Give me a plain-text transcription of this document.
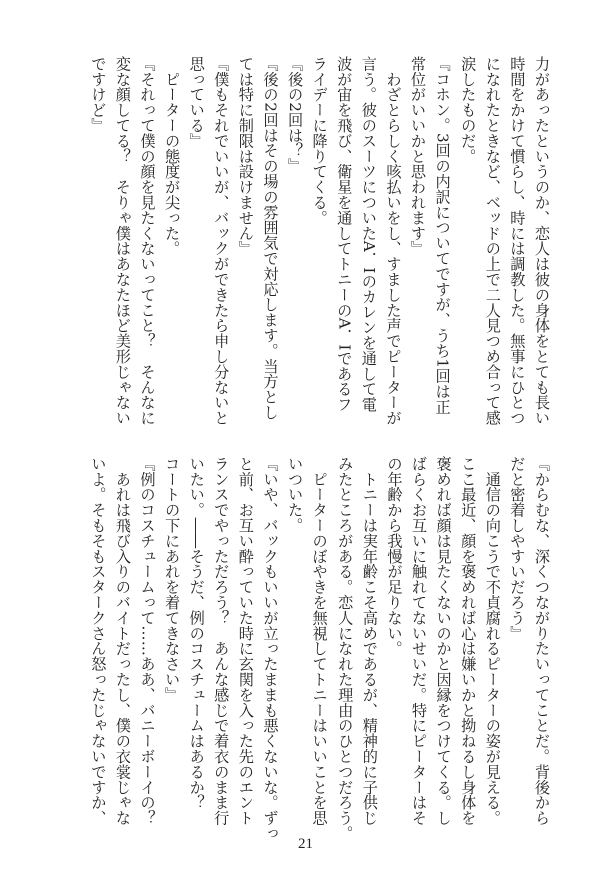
力があったというのか、恋人は彼の身体をとても長い
時間をかけて慣らし、時には調教した。無事にひとつ
になれたときなど、ベッドの上で二人見つめ合って感
涙したものだ。
『コホン。3回の内訳についてですが、うち1回は正
常位がいいかと思われます』
　わざとらしく咳払いをし、すました声でピーターが
言う。彼のスーツについたA．Iのカレンを通して電
波が宙を飛び、衛星を通してトニーのA．Iであるフ
ライデーに降りてくる。
『後の2回は？』
『後の2回はその場の雰囲気で対応します。当方とし
ては特に制限は設けません』
『僕もそれでいいが、バックができたら申し分ないと
思っている』
　ピーターの態度が尖った。
『それって僕の顔を見たくないってこと？　そんなに
変な顔してる？　そりゃ僕はあなたほど美形じゃない
ですけど』
『からむな、深くつながりたいってことだ。背後から
だと密着しやすいだろう』
　通信の向こうで不貞腐れるピーターの姿が見える。
ここ最近、顔を褒めれば心は嫌いかと拗ねるし身体を
褒めれば顔は見たくないのかと因縁をつけてくる。し
ばらくお互いに触れてないせいだ。特にピーターはそ
の年齢から我慢が足りない。
　トニーは実年齢こそ高めであるが、精神的に子供じ
みたところがある。恋人になれた理由のひとつだろう。
　ピーターのぼやきを無視してトニーはいいことを思
いついた。
『いや、バックもいいが立ったままも悪くないな。ずっ
と前、お互い酔っていた時に玄関を入った先のエント
ランスでやっただろう？　あんな感じで着衣のまま行
いたい。――そうだ、例のコスチュームはあるか？
コートの下にあれを着てきなさい』
『例のコスチュームって……ああ、バニーボーイの？
　あれは飛び入りのバイトだったし、僕の衣裳じゃな
いよ。そもそもスタークさん怒ったじゃないですか、
21
